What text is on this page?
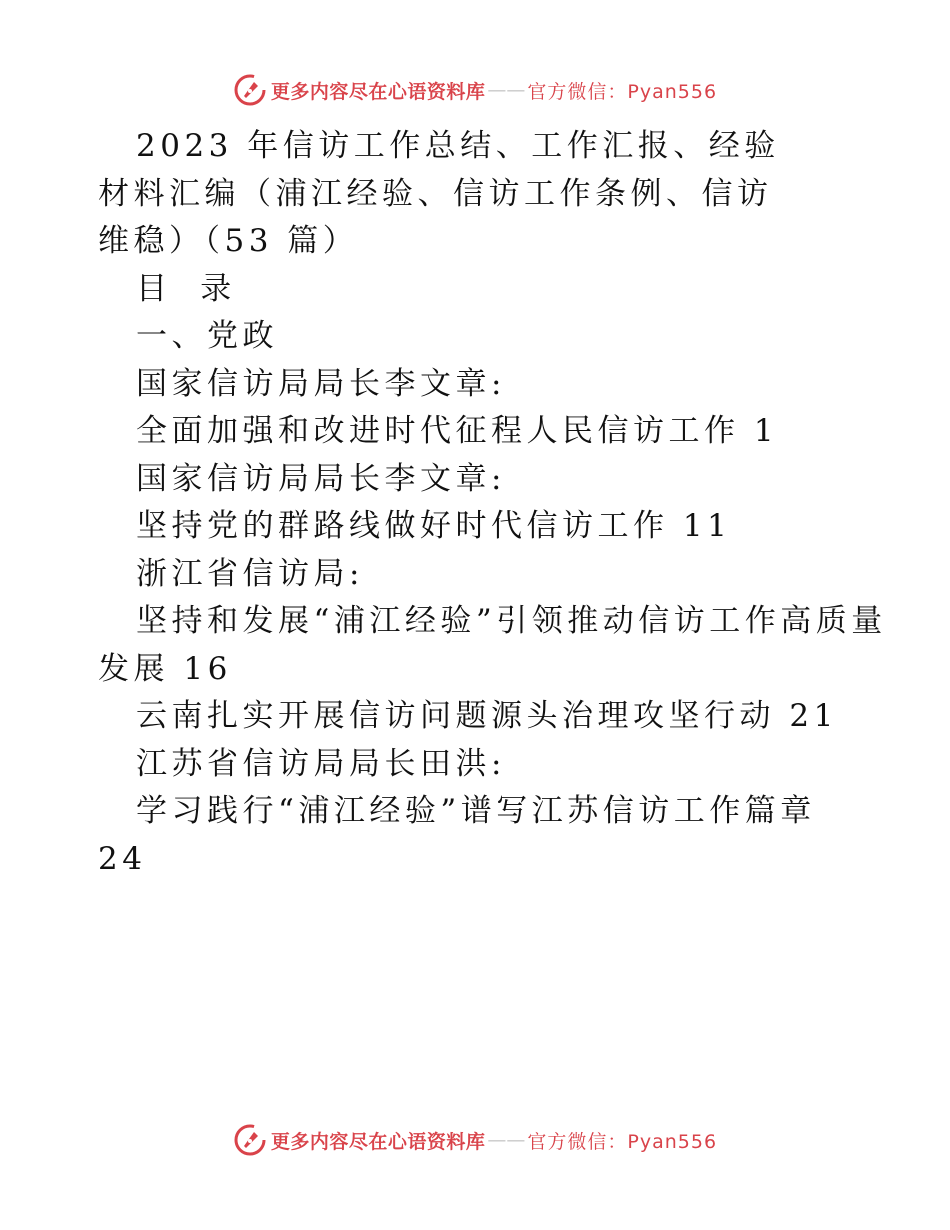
更多内容尽在心语资料库 —— 官方微信：Pyan556
2023 年信访工作总结、工作汇报、经验材料汇编（浦江经验、信访工作条例、信访维稳）（53 篇）
目  录
一、党政
国家信访局局长李文章:
全面加强和改进时代征程人民信访工作 1
国家信访局局长李文章:
坚持党的群路线做好时代信访工作 11
浙江省信访局:
坚持和发展“浦江经验”引领推动信访工作高质量发展 16
云南扎实开展信访问题源头治理攻坚行动 21
江苏省信访局局长田洪:
学习践行“浦江经验”谱写江苏信访工作篇章 24
更多内容尽在心语资料库 —— 官方微信：Pyan556
